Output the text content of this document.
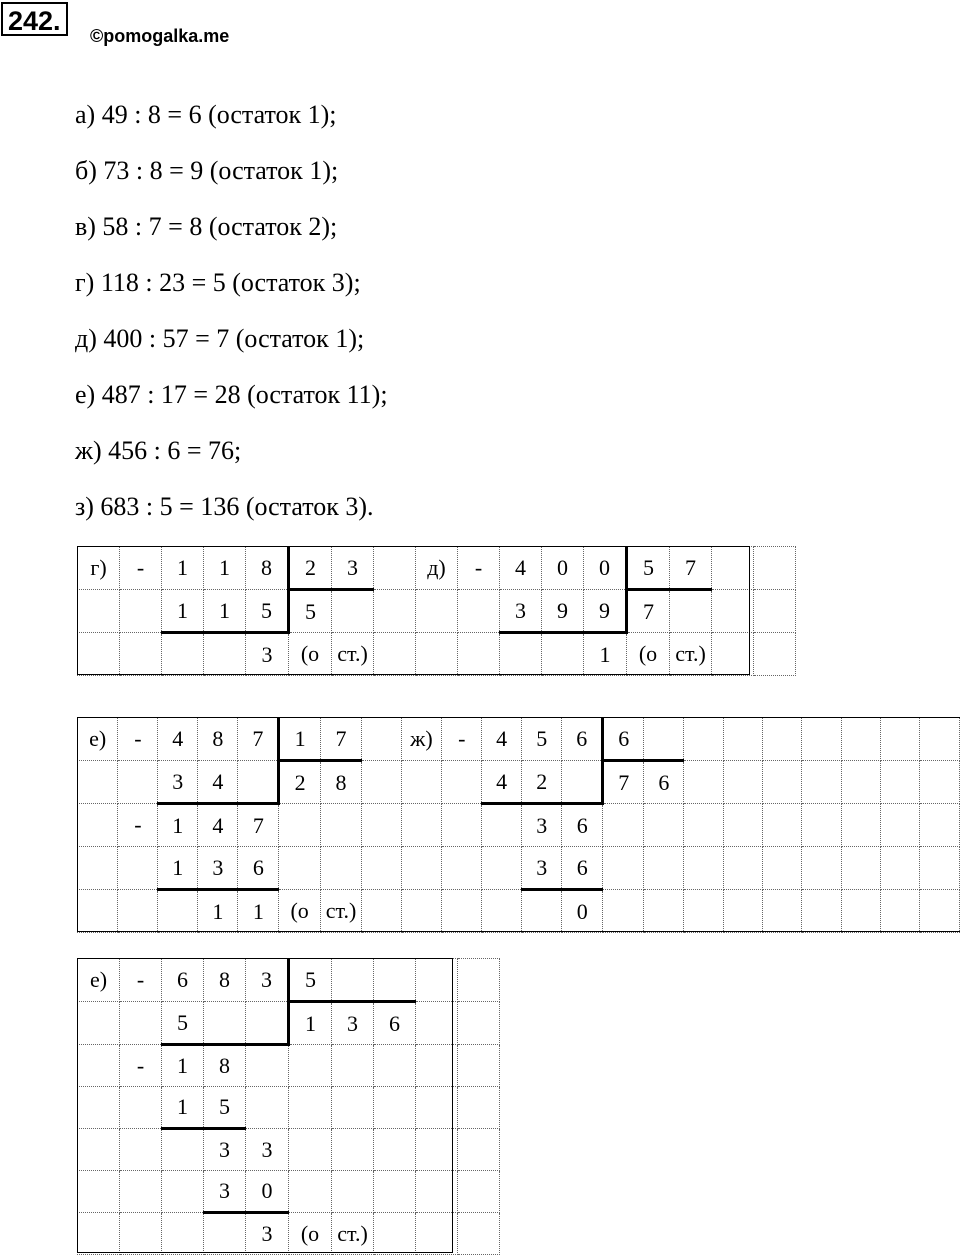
242.	©pomogalka.me
а) 49 : 8 = 6 (остаток 1);
б) 73 : 8 = 9 (остаток 1);
в) 58 : 7 = 8 (остаток 2);
г) 118 : 23 = 5 (остаток 3);
д) 400 : 57 = 7 (остаток 1);
е) 487 : 17 = 28 (остаток 11);
ж) 456 : 6 = 76;
з) 683 : 5 = 136 (остаток 3).
г)	-	1	1	8	2	3		д)	-	4	0	0	5	7		
		1	1	5	5					3	9	9	7			
				3	(о	ст.)						1	(о	ст.)		
е)	-	4	8	7	1	7		ж)	-	4	5	6	6								
		3	4		2	8				4	2		7	6							
	-	1	4	7							3	6									
		1	3	6							3	6									
			1	1	(о	ст.)						0									
е)	-	6	8	3	5				
		5			1	3	6		
	-	1	8						
		1	5						
			3	3					
			3	0					
				3	(о	ст.)			
